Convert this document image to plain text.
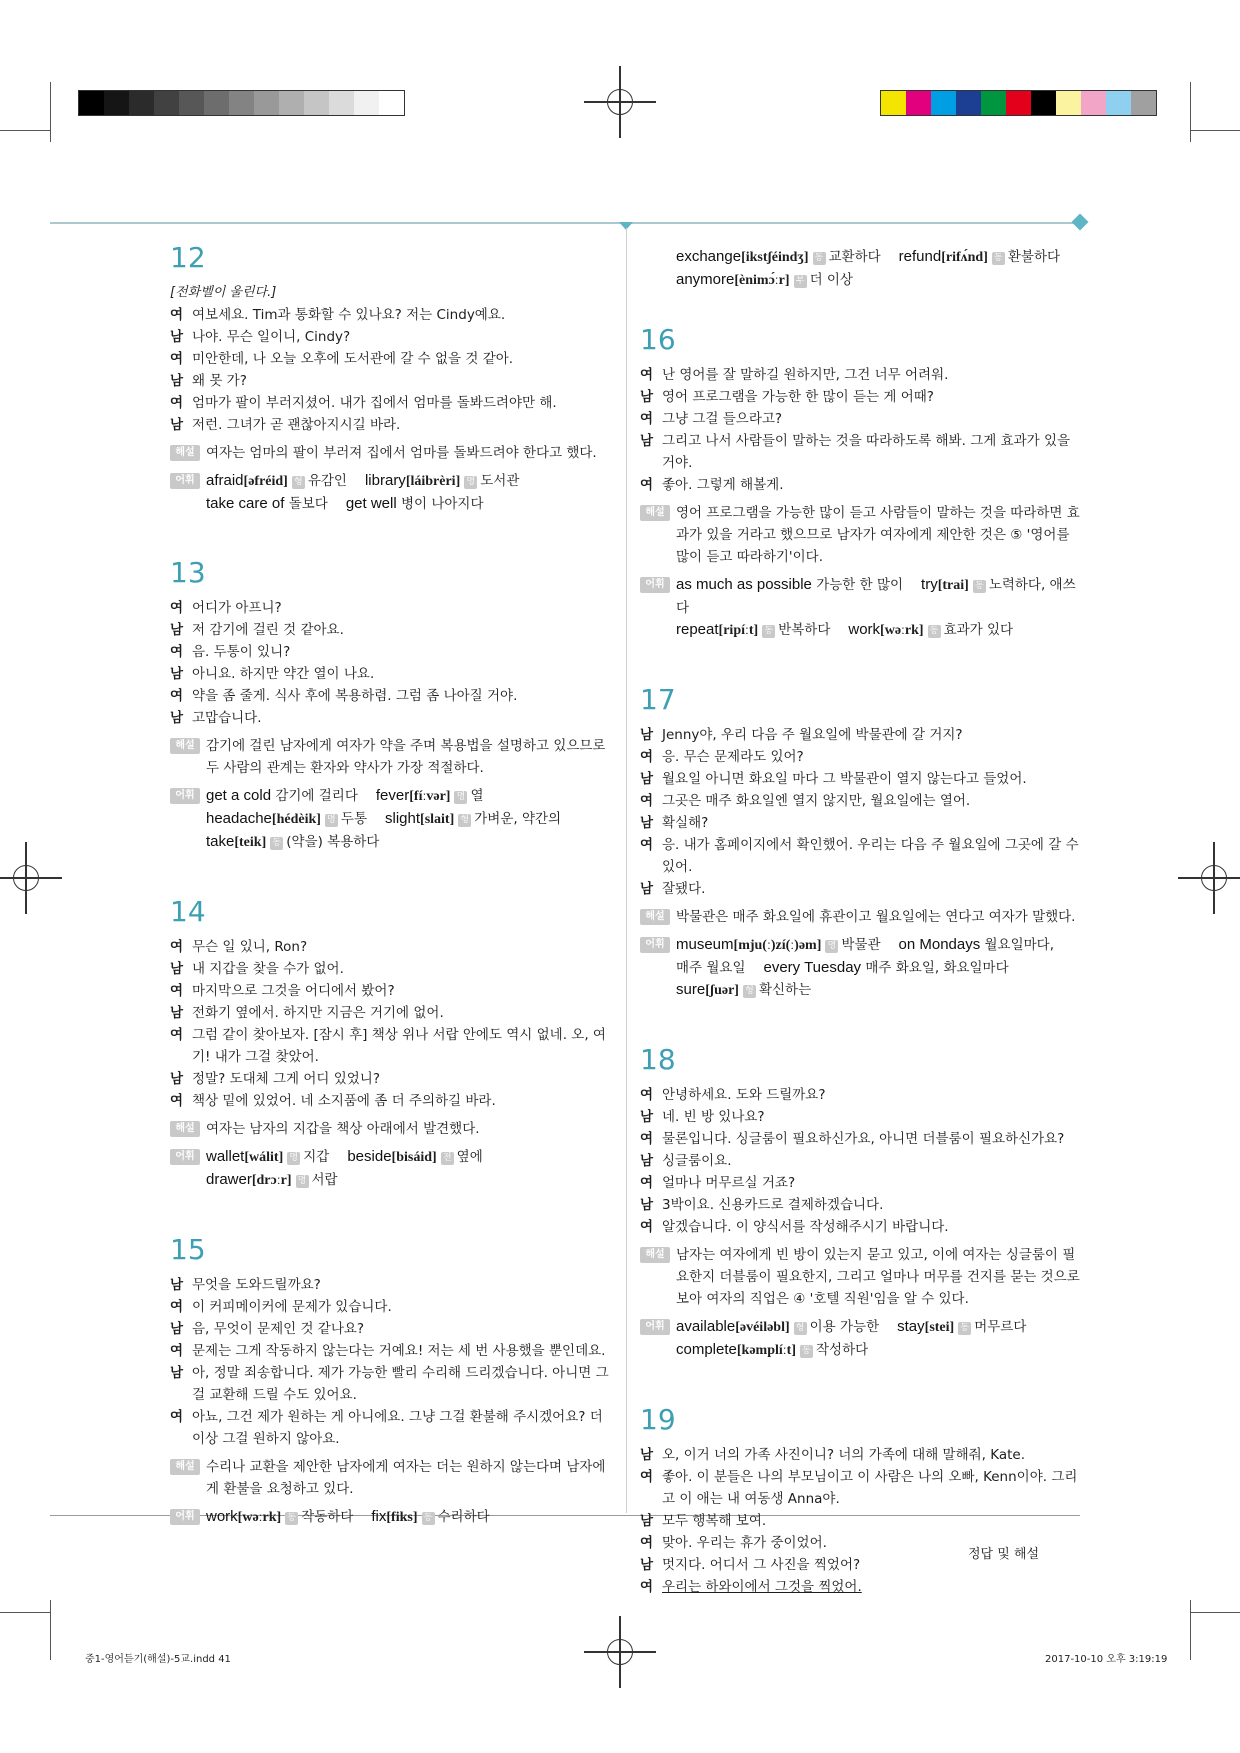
12
[전화벨이 울린다.]
여 여보세요. Tim과 통화할 수 있나요? 저는 Cindy예요.
남 나야. 무슨 일이니, Cindy?
여 미안한데, 나 오늘 오후에 도서관에 갈 수 없을 것 같아.
남 왜 못 가?
여 엄마가 팔이 부러지셨어. 내가 집에서 엄마를 돌봐드려야만 해.
남 저런. 그녀가 곧 괜찮아지시길 바라.
해설 여자는 엄마의 팔이 부러져 집에서 엄마를 돌봐드려야 한다고 했다.
어휘 afraid[əfréid] 형 유감인 library[láibrèri] 명 도서관
take care of 돌보다 get well 병이 나아지다
13
여 어디가 아프니?
남 저 감기에 걸린 것 같아요.
여 음. 두통이 있니?
남 아니요. 하지만 약간 열이 나요.
여 약을 좀 줄게. 식사 후에 복용하렴. 그럼 좀 나아질 거야.
남 고맙습니다.
해설 감기에 걸린 남자에게 여자가 약을 주며 복용법을 설명하고 있으므로 두 사람의 관계는 환자와 약사가 가장 적절하다.
어휘 get a cold 감기에 걸리다 fever[fíːvər] 명 열
headache[hédèik] 명 두통 slight[slait] 형 가벼운, 약간의
take[teik] 동 (약을) 복용하다
14
여 무슨 일 있니, Ron?
남 내 지갑을 찾을 수가 없어.
여 마지막으로 그것을 어디에서 봤어?
남 전화기 옆에서. 하지만 지금은 거기에 없어.
여 그럼 같이 찾아보자. [잠시 후] 책상 위나 서랍 안에도 역시 없네. 오, 여기! 내가 그걸 찾았어.
남 정말? 도대체 그게 어디 있었니?
여 책상 밑에 있었어. 네 소지품에 좀 더 주의하길 바라.
해설 여자는 남자의 지갑을 책상 아래에서 발견했다.
어휘 wallet[wálit] 명 지갑 beside[bisáid] 전 옆에
drawer[drɔːr] 명 서랍
15
남 무엇을 도와드릴까요?
여 이 커피메이커에 문제가 있습니다.
남 음, 무엇이 문제인 것 같나요?
여 문제는 그게 작동하지 않는다는 거예요! 저는 세 번 사용했을 뿐인데요.
남 아, 정말 죄송합니다. 제가 가능한 빨리 수리해 드리겠습니다. 아니면 그걸 교환해 드릴 수도 있어요.
여 아뇨, 그건 제가 원하는 게 아니에요. 그냥 그걸 환불해 주시겠어요? 더 이상 그걸 원하지 않아요.
해설 수리나 교환을 제안한 남자에게 여자는 더는 원하지 않는다며 남자에게 환불을 요청하고 있다.
어휘 work[wəːrk] 동 작동하다 fix[fiks] 동 수리하다
exchange[ikstʃéindʒ] 동 교환하다 refund[rifʌ́nd] 동 환불하다
anymore[ènimɔ́ːr] 부 더 이상
16
여 난 영어를 잘 말하길 원하지만, 그건 너무 어려워.
남 영어 프로그램을 가능한 한 많이 듣는 게 어때?
여 그냥 그걸 들으라고?
남 그리고 나서 사람들이 말하는 것을 따라하도록 해봐. 그게 효과가 있을 거야.
여 좋아. 그렇게 해볼게.
해설 영어 프로그램을 가능한 많이 듣고 사람들이 말하는 것을 따라하면 효과가 있을 거라고 했으므로 남자가 여자에게 제안한 것은 ⑤ '영어를 많이 듣고 따라하기'이다.
어휘 as much as possible 가능한 한 많이 try[trai] 동 노력하다, 애쓰다
repeat[ripíːt] 동 반복하다 work[wəːrk] 동 효과가 있다
17
남 Jenny야, 우리 다음 주 월요일에 박물관에 갈 거지?
여 응. 무슨 문제라도 있어?
남 월요일 아니면 화요일 마다 그 박물관이 열지 않는다고 들었어.
여 그곳은 매주 화요일엔 열지 않지만, 월요일에는 열어.
남 확실해?
여 응. 내가 홈페이지에서 확인했어. 우리는 다음 주 월요일에 그곳에 갈 수 있어.
남 잘됐다.
해설 박물관은 매주 화요일에 휴관이고 월요일에는 연다고 여자가 말했다.
어휘 museum[mju(ː)zí(ː)əm] 명 박물관 on Mondays 월요일마다,
매주 월요일 every Tuesday 매주 화요일, 화요일마다
sure[ʃuər] 형 확신하는
18
여 안녕하세요. 도와 드릴까요?
남 네. 빈 방 있나요?
여 물론입니다. 싱글룸이 필요하신가요, 아니면 더블룸이 필요하신가요?
남 싱글룸이요.
여 얼마나 머무르실 거죠?
남 3박이요. 신용카드로 결제하겠습니다.
여 알겠습니다. 이 양식서를 작성해주시기 바랍니다.
해설 남자는 여자에게 빈 방이 있는지 묻고 있고, 이에 여자는 싱글룸이 필요한지 더블룸이 필요한지, 그리고 얼마나 머무를 건지를 묻는 것으로 보아 여자의 직업은 ④ '호텔 직원'임을 알 수 있다.
어휘 available[əvéiləbl] 형 이용 가능한 stay[stei] 동 머무르다
complete[kəmplíːt] 동 작성하다
19
남 오, 이거 너의 가족 사진이니? 너의 가족에 대해 말해줘, Kate.
여 좋아. 이 분들은 나의 부모님이고 이 사람은 나의 오빠, Kenn이야. 그리고 이 애는 내 여동생 Anna야.
남 모두 행복해 보여.
여 맞아. 우리는 휴가 중이었어.
남 멋지다. 어디서 그 사진을 찍었어?
여 우리는 하와이에서 그것을 찍었어.
정답 및 해설
중1-영어듣기(해설)-5교.indd 41	2017-10-10 오후 3:19:19
